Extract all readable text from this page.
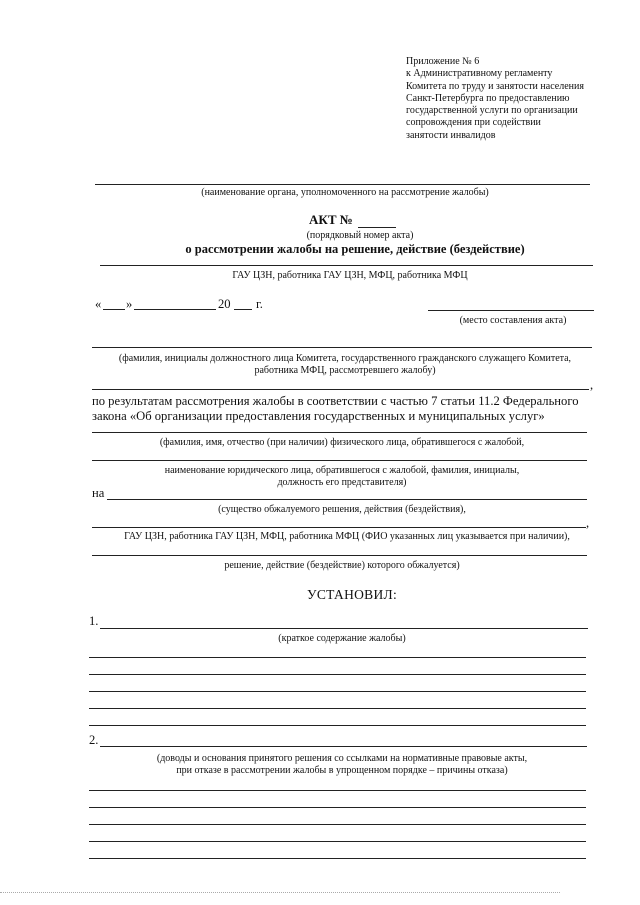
Приложение № 6
к Административному регламенту
Комитета по труду и занятости населения
Санкт-Петербурга по предоставлению
государственной услуги по организации
сопровождения при содействии
занятости инвалидов
(наименование органа, уполномоченного на рассмотрение жалобы)
АКТ №
(порядковый номер акта)
о рассмотрении жалобы на решение, действие (бездействие)
ГАУ ЦЗН, работника ГАУ ЦЗН, МФЦ, работника МФЦ
« »	20 г.
(место составления акта)
(фамилия, инициалы должностного лица Комитета, государственного гражданского служащего Комитета,
работника МФЦ, рассмотревшего жалобу)
,
по результатам рассмотрения жалобы в соответствии с частью 7 статьи 11.2 Федерального
закона «Об организации предоставления государственных и муниципальных услуг»
(фамилия, имя, отчество (при наличии) физического лица, обратившегося с жалобой,
наименование юридического лица, обратившегося с жалобой, фамилия, инициалы,
должность его представителя)
на
(существо обжалуемого решения, действия (бездействия),
,
ГАУ ЦЗН, работника ГАУ ЦЗН, МФЦ, работника МФЦ (ФИО указанных лиц указывается при наличии),
решение, действие (бездействие) которого обжалуется)
УСТАНОВИЛ:
1.
(краткое содержание жалобы)
2.
(доводы и основания принятого решения со ссылками на нормативные правовые акты,
при отказе в рассмотрении жалобы в упрощенном порядке – причины отказа)
